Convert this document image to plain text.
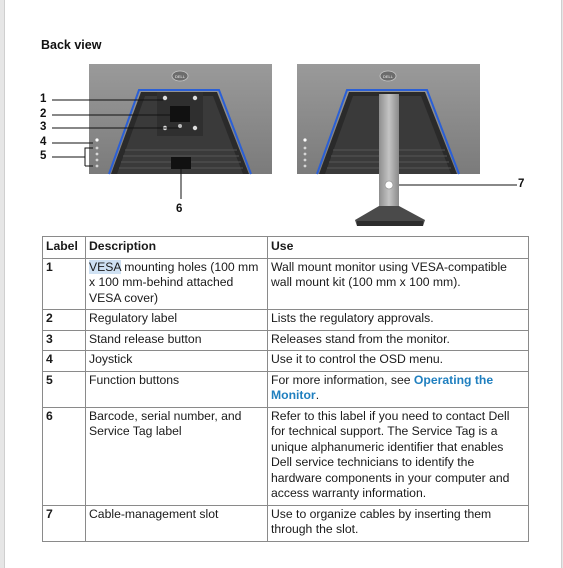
Back view
DELL	DELL
1
2
3
4
5
6
7
Label	Description	Use
1	VESA mounting holes (100 mm x 100 mm-behind attached VESA cover)	Wall mount monitor using VESA-compatible wall mount kit (100 mm x 100 mm).
2	Regulatory label	Lists the regulatory approvals.
3	Stand release button	Releases stand from the monitor.
4	Joystick	Use it to control the OSD menu.
5	Function buttons	For more information, see Operating the Monitor.
6	Barcode, serial number, and Service Tag label	Refer to this label if you need to contact Dell for technical support. The Service Tag is a unique alphanumeric identifier that enables Dell service technicians to identify the hardware components in your computer and access warranty information.
7	Cable-management slot	Use to organize cables by inserting them through the slot.
